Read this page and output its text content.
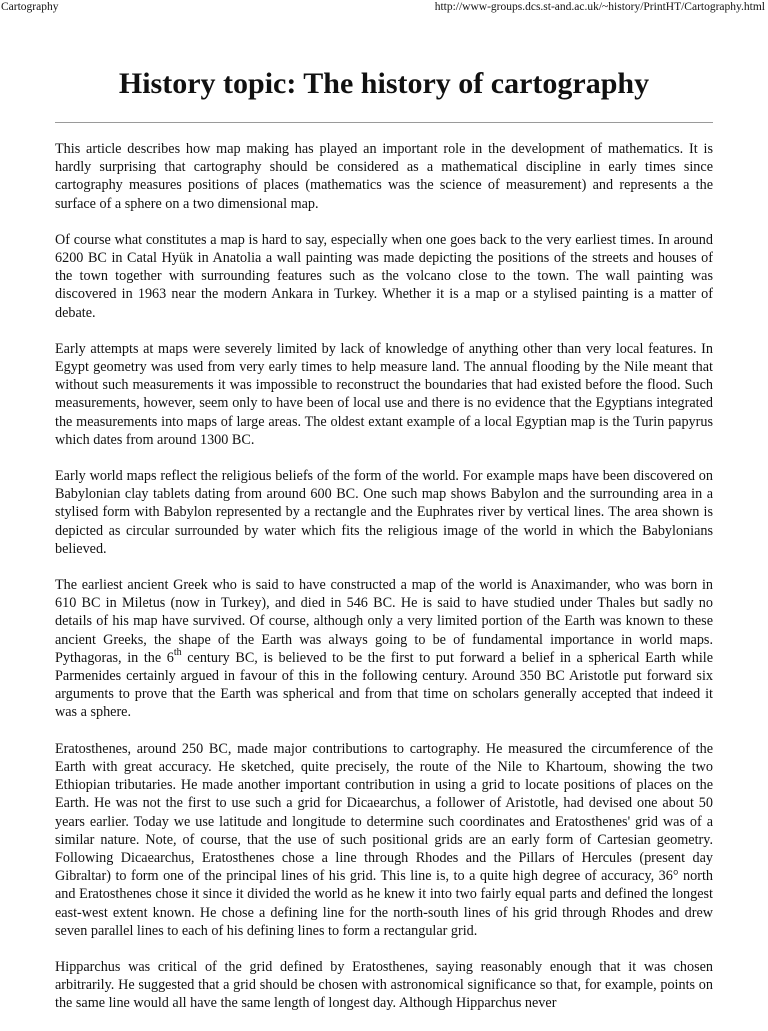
Cartography	http://www-groups.dcs.st-and.ac.uk/~history/PrintHT/Cartography.html
History topic: The history of cartography

This article describes how map making has played an important role in the development of mathematics. It is hardly surprising that cartography should be considered as a mathematical discipline in early times since cartography measures positions of places (mathematics was the science of measurement) and represents a the surface of a sphere on a two dimensional map.

Of course what constitutes a map is hard to say, especially when one goes back to the very earliest times. In around 6200 BC in Catal Hyük in Anatolia a wall painting was made depicting the positions of the streets and houses of the town together with surrounding features such as the volcano close to the town. The wall painting was discovered in 1963 near the modern Ankara in Turkey. Whether it is a map or a stylised painting is a matter of debate.

Early attempts at maps were severely limited by lack of knowledge of anything other than very local features. In Egypt geometry was used from very early times to help measure land. The annual flooding by the Nile meant that without such measurements it was impossible to reconstruct the boundaries that had existed before the flood. Such measurements, however, seem only to have been of local use and there is no evidence that the Egyptians integrated the measurements into maps of large areas. The oldest extant example of a local Egyptian map is the Turin papyrus which dates from around 1300 BC.

Early world maps reflect the religious beliefs of the form of the world. For example maps have been discovered on Babylonian clay tablets dating from around 600 BC. One such map shows Babylon and the surrounding area in a stylised form with Babylon represented by a rectangle and the Euphrates river by vertical lines. The area shown is depicted as circular surrounded by water which fits the religious image of the world in which the Babylonians believed.

The earliest ancient Greek who is said to have constructed a map of the world is Anaximander, who was born in 610 BC in Miletus (now in Turkey), and died in 546 BC. He is said to have studied under Thales but sadly no details of his map have survived. Of course, although only a very limited portion of the Earth was known to these ancient Greeks, the shape of the Earth was always going to be of fundamental importance in world maps. Pythagoras, in the 6th century BC, is believed to be the first to put forward a belief in a spherical Earth while Parmenides certainly argued in favour of this in the following century. Around 350 BC Aristotle put forward six arguments to prove that the Earth was spherical and from that time on scholars generally accepted that indeed it was a sphere.

Eratosthenes, around 250 BC, made major contributions to cartography. He measured the circumference of the Earth with great accuracy. He sketched, quite precisely, the route of the Nile to Khartoum, showing the two Ethiopian tributaries. He made another important contribution in using a grid to locate positions of places on the Earth. He was not the first to use such a grid for Dicaearchus, a follower of Aristotle, had devised one about 50 years earlier. Today we use latitude and longitude to determine such coordinates and Eratosthenes' grid was of a similar nature. Note, of course, that the use of such positional grids are an early form of Cartesian geometry. Following Dicaearchus, Eratosthenes chose a line through Rhodes and the Pillars of Hercules (present day Gibraltar) to form one of the principal lines of his grid. This line is, to a quite high degree of accuracy, 36° north and Eratosthenes chose it since it divided the world as he knew it into two fairly equal parts and defined the longest east-west extent known. He chose a defining line for the north-south lines of his grid through Rhodes and drew seven parallel lines to each of his defining lines to form a rectangular grid.

Hipparchus was critical of the grid defined by Eratosthenes, saying reasonably enough that it was chosen arbitrarily. He suggested that a grid should be chosen with astronomical significance so that, for example, points on the same line would all have the same length of longest day. Although Hipparchus never
